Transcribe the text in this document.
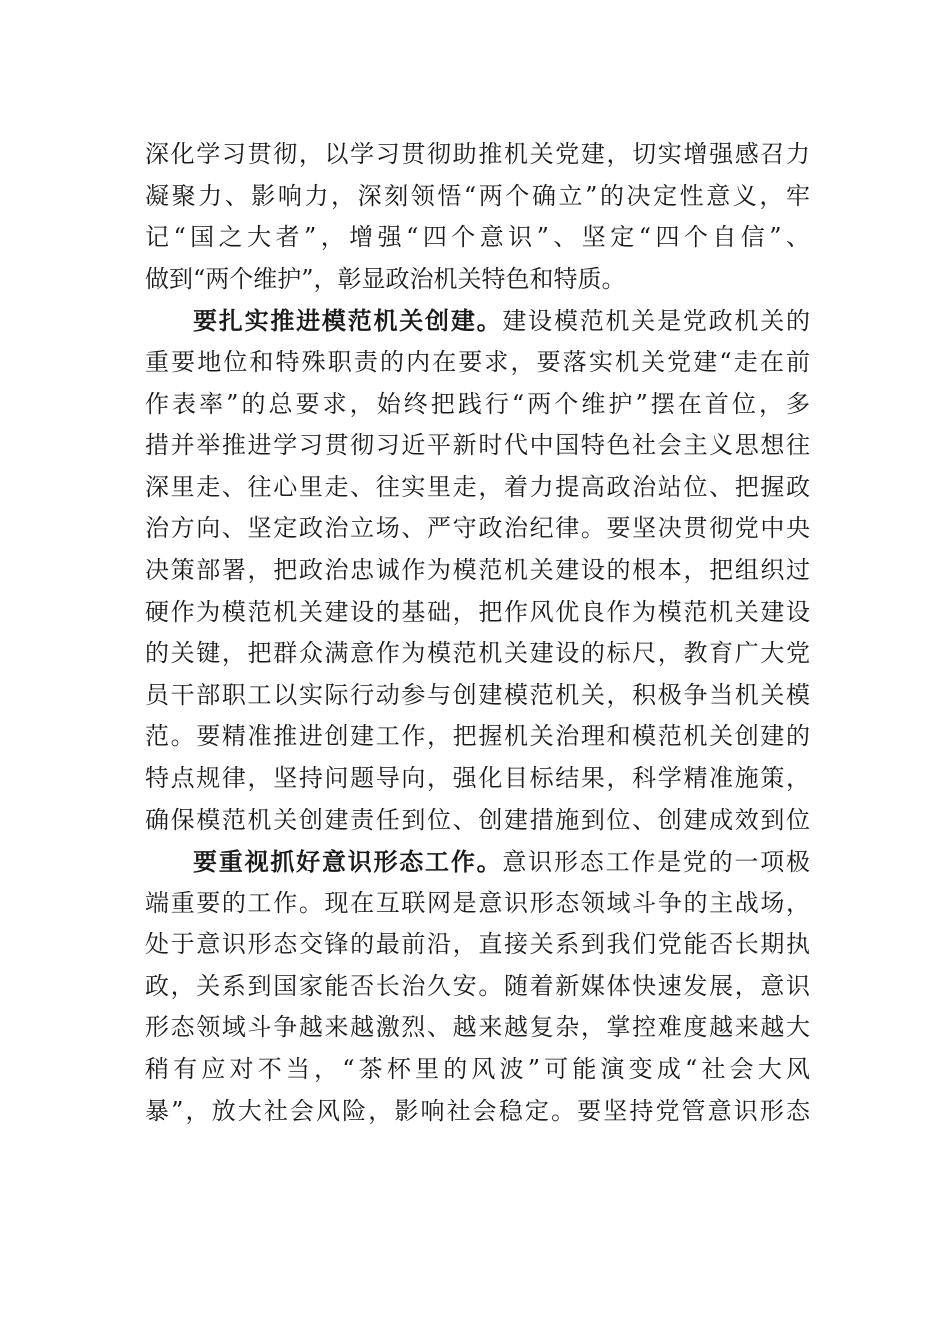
深化学习贯彻，以学习贯彻助推机关党建，切实增强感召力
凝聚力、影响力，深刻领悟“两个确立”的决定性意义，牢
记“国之大者”，增强“四个意识”、坚定“四个自信”、
做到“两个维护”，彰显政治机关特色和特质。
要扎实推进模范机关创建。建设模范机关是党政机关的
重要地位和特殊职责的内在要求，要落实机关党建“走在前
作表率”的总要求，始终把践行“两个维护”摆在首位，多
措并举推进学习贯彻习近平新时代中国特色社会主义思想往
深里走、往心里走、往实里走，着力提高政治站位、把握政
治方向、坚定政治立场、严守政治纪律。要坚决贯彻党中央
决策部署，把政治忠诚作为模范机关建设的根本，把组织过
硬作为模范机关建设的基础，把作风优良作为模范机关建设
的关键，把群众满意作为模范机关建设的标尺，教育广大党
员干部职工以实际行动参与创建模范机关，积极争当机关模
范。要精准推进创建工作，把握机关治理和模范机关创建的
特点规律，坚持问题导向，强化目标结果，科学精准施策，
确保模范机关创建责任到位、创建措施到位、创建成效到位
要重视抓好意识形态工作。意识形态工作是党的一项极
端重要的工作。现在互联网是意识形态领域斗争的主战场，
处于意识形态交锋的最前沿，直接关系到我们党能否长期执
政，关系到国家能否长治久安。随着新媒体快速发展，意识
形态领域斗争越来越激烈、越来越复杂，掌控难度越来越大
稍有应对不当，“茶杯里的风波”可能演变成“社会大风
暴”，放大社会风险，影响社会稳定。要坚持党管意识形态
